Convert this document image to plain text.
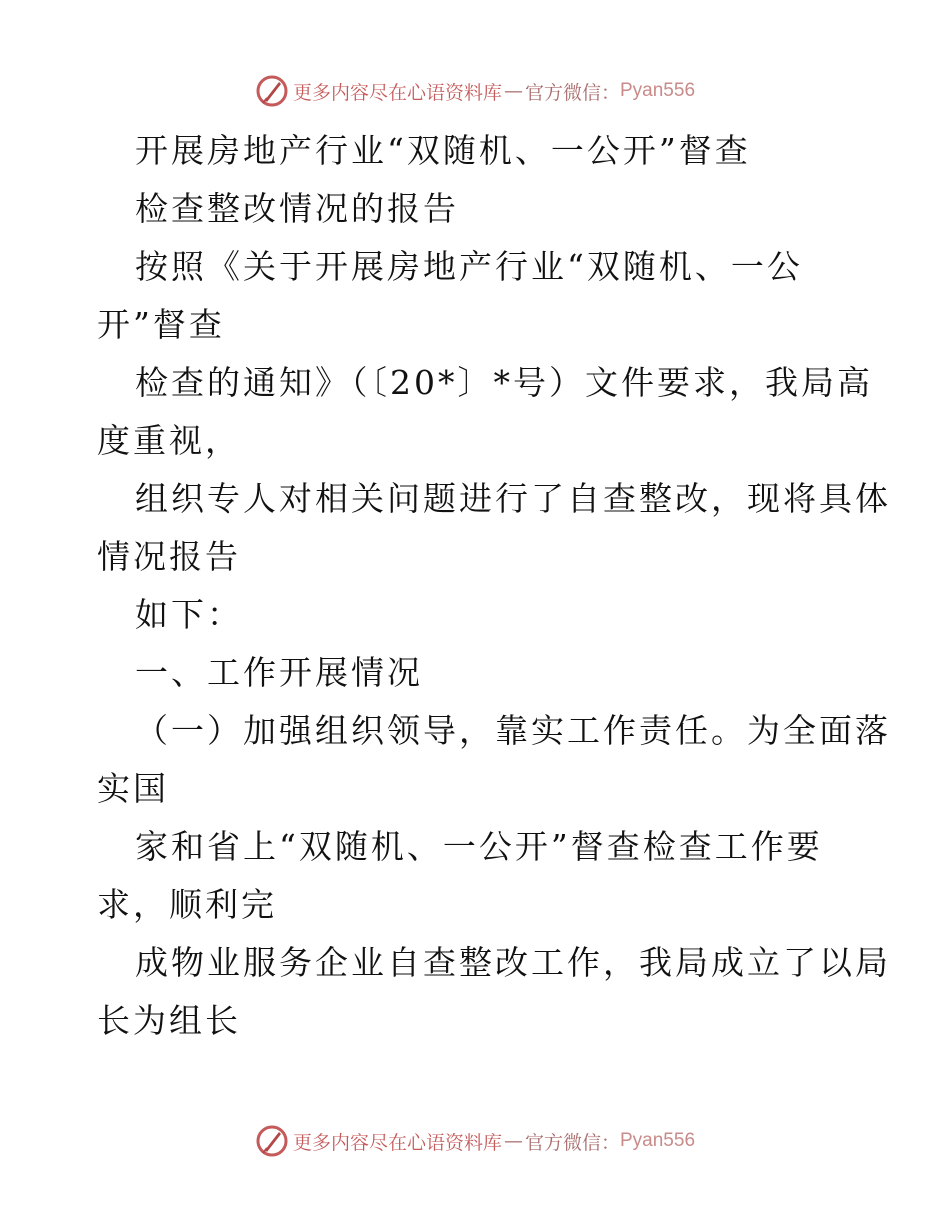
更多内容尽在心语资料库 — 官方微信： Pyan556

开展房地产行业“双随机、一公开”督查

检查整改情况的报告

按照《关于开展房地产行业“双随机、一公

开”督查

检查的通知》（〔20*〕*号）文件要求，我局高

度重视，

组织专人对相关问题进行了自查整改，现将具体

情况报告

如下：

一、工作开展情况

（一）加强组织领导，靠实工作责任。为全面落

实国

家和省上“双随机、一公开”督查检查工作要

求，顺利完

成物业服务企业自查整改工作，我局成立了以局

长为组长

更多内容尽在心语资料库 — 官方微信： Pyan556
